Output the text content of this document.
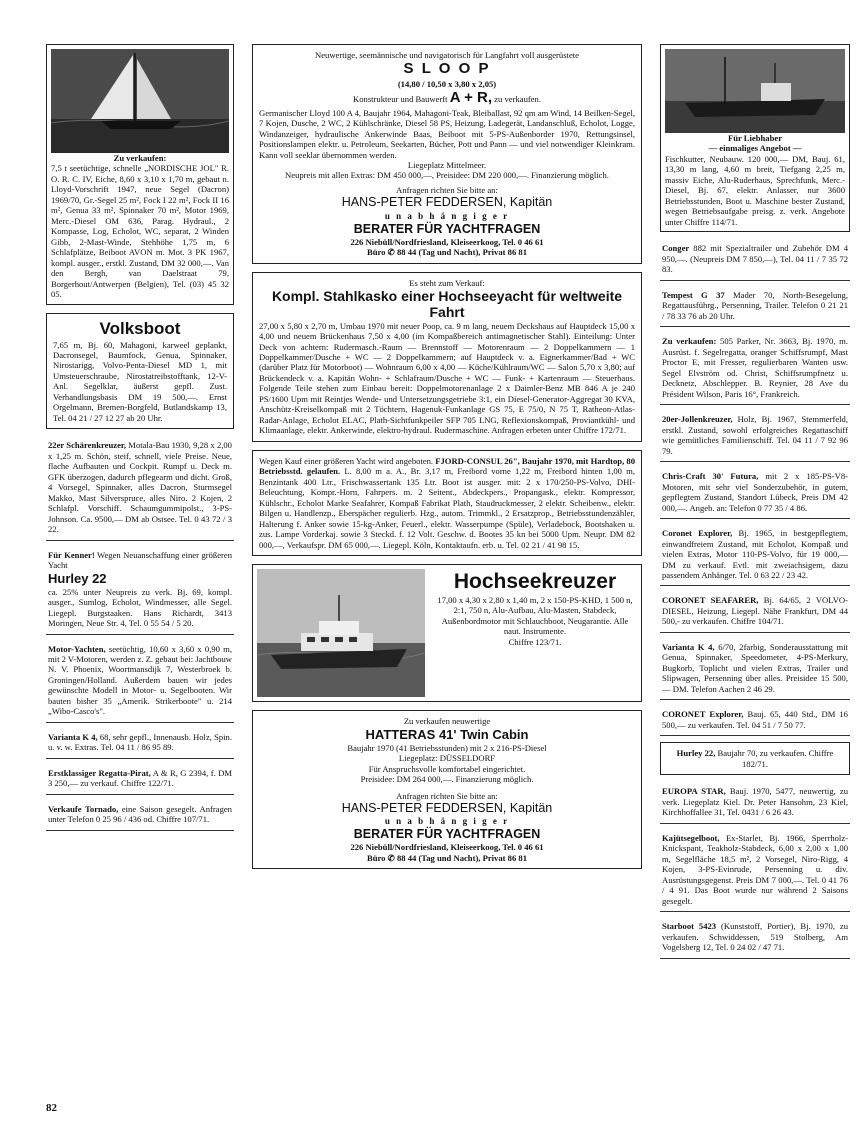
Zu verkaufen:

7,5 t seetüchtige, schnelle „NORDISCHE JOL" R. O. R. C. IV, Eiche, 8,60 x 3,10 x 1,70 m, gebaut n. Lloyd-Vorschrift 1947, neue Segel (Dacron) 1969/70, Gr.-Segel 25 m², Fock I 22 m², Fock II 16 m², Genua 33 m², Spinnaker 70 m², Motor 1969, Merc.-Diesel OM 636, Parag. Hydraul., 2 Kompasse, Log, Echolot, WC, separat, 2 Winden Gibb, 2-Mast-Winde, Stehhöhe 1,75 m, 6 Schlafplätze, Beiboot AVON m. Mot. 3 PK 1967, kompl. ausger., erstkl. Zustand, DM 32 000,—. Van den Bergh, van Daelstraat 79, Borgerhout/Antwerpen (Belgien), Tel. (03) 45 32 05.

Volksboot

7,65 m, Bj. 60, Mahagoni, karweel geplankt, Dacronsegel, Baumfock, Genua, Spinnaker, Nirostarigg, Volvo-Penta-Diesel MD 1, mit Umsteuerschraube, Nirostatreibstofftank, 12-V-Anl. Segelklar, äußerst gepfl. Zust. Verhandlungsbasis DM 19 500,—. Ernst Orgelmann, Bremen-Borgfeld, Butlandskamp 13, Tel. 04 21 / 27 12 27 ab 20 Uhr.

22er Schärenkreuzer, Motala-Bau 1930, 9,28 x 2,00 x 1,25 m. Schön, steif, schnell, viele Preise. Neue, flache Aufbauten und Cockpit. Rumpf u. Deck m. GFK überzogen, dadurch pflegearm und dicht. Groß, 4 Vorsegel, Spinnaker, alles Dacron, Sturmsegel Makko, Mast Silverspruce, alles Niro. 2 Kojen, 2 Schlafpl. Vorschiff. Schaumgummipolst., 3-PS-Johnson. Ca. 9500,— DM ab Ostsee. Tel. 0 43 72 / 3 22.

Für Kenner! Wegen Neuanschaffung einer größeren Yacht

Hurley 22

ca. 25% unter Neupreis zu verk. Bj. 69, kompl. ausger., Sumlog, Echolot, Windmesser, alle Segel. Liegepl. Burgstaaken. Hans Richardt, 3413 Moringen, Neue Str. 4, Tel. 0 55 54 / 5 20.

Motor-Yachten, seetüchtig, 10,60 x 3,60 x 0,90 m, mit 2 V-Motoren, werden z. Z. gebaut bei: Jachtbouw N. V. Phoenix, Woortmansdijk 7, Westerbroek b. Groningen/Holland. Außerdem bauen wir jedes gewünschte Modell in Motor- u. Segelbooten. Wir bauten bisher 35 „Amerik. Strikerboote" u. 214 „Wibo-Casco's".

Varianta K 4, 68, sehr gepfl., Innenausb. Holz, Spin. u. v. w. Extras. Tel. 04 11 / 86 95 89.

Erstklassiger Regatta-Pirat, A & R, G 2394, f. DM 3 250,— zu verkauf. Chiffre 122/71.

Verkaufe Tornado, eine Saison gesegelt. Anfragen unter Telefon 0 25 96 / 436 od. Chiffre 107/71.

Neuwertige, seemännische und navigatorisch für Langfahrt voll ausgerüstete

S L O O P

(14,80 / 10,50 x 3,80 x 2,05)

Konstrukteur und Bauwerft A + R, zu verkaufen.

Germanischer Lloyd 100 A 4, Baujahr 1964, Mahagoni-Teak, Bleiballast, 92 qm am Wind, 14 Beilken-Segel, 7 Kojen, Dusche, 2 WC, 2 Kühlschränke, Diesel 58 PS, Heizung, Ladegerät, Landanschluß, Echolot, Logge, Windanzeiger, hydraulische Ankerwinde Baas, Beiboot mit 5-PS-Außenborder 1970, Rettungsinsel, Positionslampen elektr. u. Petroleum, Seekarten, Bücher, Pott und Pann — und viel notwendiger Kleinkram. Kann voll seeklar übernommen werden.

Liegeplatz Mittelmeer.

Neupreis mit allen Extras: DM 450 000,—, Preisidee: DM 220 000,—. Finanzierung möglich.

Anfragen richten Sie bitte an:

HANS-PETER FEDDERSEN, Kapitän

u n a b h ä n g i g e r

BERATER FÜR YACHTFRAGEN

226 Niebüll/Nordfriesland, Kleiseerkoog, Tel. 0 46 61

Büro ✆ 88 44 (Tag und Nacht), Privat 86 81

Es steht zum Verkauf:

Kompl. Stahlkasko einer Hochseeyacht für weltweite Fahrt

27,00 x 5,80 x 2,70 m, Umbau 1970 mit neuer Poop, ca. 9 m lang, neuem Deckshaus auf Hauptdeck 15,00 x 4,00 und neuem Brückenhaus 7,50 x 4,00 (im Kompaßbereich antimagnetischer Stahl). Einteilung: Unter Deck von achtern: Rudermasch.-Raum — Brennstoff — Motorenraum — 2 Doppelkammern — 1 Doppelkammer/Dusche + WC — 2 Doppelkammern; auf Hauptdeck v. a. Eignerkammer/Bad + WC (darüber Platz für Motorboot) — Wohnraum 6,00 x 4,00 — Küche/Kühlraum/WC — Salon 5,70 x 3,80; auf Brückendeck v. a. Kapitän Wohn- + Schlafraum/Dusche + WC — Funk- + Kartenraum — Steuerhaus. Folgende Teile stehen zum Einbau bereit: Doppelmotorenanlage 2 x Daimler-Benz MB 846 A je 240 PS/1600 Upm mit Reintjes Wende- und Untersetzungsgetriebe 3:1, ein Diesel-Generator-Aggregat 30 KVA, Anschütz-Kreiselkompaß mit 2 Töchtern, Hagenuk-Funkanlage GS 75, E 75/0, N 75 T, Ratheon-Atlas-Radar-Anlage, Echolot ELAC, Plath-Sichtfunkpeiler SFP 705 LNG, Reflexionskompaß, Proviantkühl- und Klimaanlage, elektr. Ankerwinde, elektro-hydraul. Rudermaschine. Anfragen erbeten unter Chiffre 172/71.

Wegen Kauf einer größeren Yacht wird angeboten. FJORD-CONSUL 26", Baujahr 1970, mit Hardtop, 80 Betriebsstd. gelaufen. L. 8,00 m a. A., Br. 3,17 m, Freibord vorne 1,22 m, Freibord hinten 1,00 m, Benzintank 400 Ltr., Frischwassertank 135 Ltr. Boot ist ausger. mit: 2 x 170/250-PS-Volvo, DHI-Beleuchtung, Kompr.-Horn, Fahrpers. m. 2 Seitent., Abdeckpers., Propangask., elektr. Kompressor, Kühlschr., Echolot Marke Seafahrer, Kompaß Fabrikat Plath, Staudruckmesser, 2 elektr. Scheibenw., elektr. Bilgen u. Handlenzp., Eberspächer regulierb. Hzg., autom. Trimmkl., 2 Ersatzprop., Betriebsstundenzähler, Halterung f. Anker sowie 15-kg-Anker, Feuerl., elektr. Wasserpumpe (Spüle), Verladebock, Bootshaken u. zus. Lampe Vorderkaj. sowie 3 Steckd. f. 12 Volt. Geschw. d. Bootes 35 kn bei 5000 Upm. Neupr. DM 82 000,—, Verkaufspr. DM 65 000,—. Liegepl. Köln, Kontaktaufn. erb. u. Tel. 02 21 / 41 98 15.

Hochseekreuzer

17,00 x 4,30 x 2,80 x 1,40 m, 2 x 150-PS-KHD, 1 500 n, 2:1, 750 n, Alu-Aufbau, Alu-Masten, Stabdeck, Außenbordmotor mit Schlauchboot, Neugarantie. Alle naut. Instrumente.

Chiffre 123/71.

Zu verkaufen neuwertige

HATTERAS 41' Twin Cabin

Baujahr 1970 (41 Betriebsstunden) mit 2 x 216-PS-Diesel

Liegeplatz: DÜSSELDORF

Für Anspruchsvolle komfortabel eingerichtet.

Preisidee: DM 264 000,—. Finanzierung möglich.

Anfragen richten Sie bitte an:

HANS-PETER FEDDERSEN, Kapitän

u n a b h ä n g i g e r

BERATER FÜR YACHTFRAGEN

226 Niebüll/Nordfriesland, Kleiseerkoog, Tel. 0 46 61

Büro ✆ 88 44 (Tag und Nacht), Privat 86 81

Für Liebhaber

— einmaliges Angebot —

Fischkutter, Neubauw. 120 000,— DM, Bauj. 61, 13,30 m lang, 4,60 m breit, Tiefgang 2,25 m, massiv Eiche, Alu-Ruderhaus, Sprechfunk, Merc.-Diesel, Bj. 67, elektr. Anlasser, nur 3600 Betriebsstunden, Boot u. Maschine bester Zustand, wegen Betriebsaufgabe preisg. z. verk. Angebote unter Chiffre 114/71.

Conger 882 mit Spezialtrailer und Zubehör DM 4 950,—. (Neupreis DM 7 850,—), Tel. 04 11 / 7 35 72 83.

Tempest G 37 Mader 70, North-Besegelung, Regattausführg., Persenning, Trailer. Telefon 0 21 21 / 78 33 76 ab 20 Uhr.

Zu verkaufen: 505 Parker, Nr. 3663, Bj. 1970, m. Ausrüst. f. Segelregatta, oranger Schiffsrumpf, Mast Proctor E, mit Fresser, regulierbaren Wanten usw. Segel Elvström od. Christ, Schiffsrumpfnetz u. Decknetz, Abschlepper. B. Reynier, 28 Ave du Président Wilson, Paris 16°, Frankreich.

20er-Jollenkreuzer, Holz, Bj. 1967, Stemmerfeld, erstkl. Zustand, sowohl erfolgreiches Regattaschiff wie gemütliches Familienschiff. Tel. 04 11 / 7 92 96 79.

Chris-Craft 30' Futura, mit 2 x 185-PS-V8-Motoren, mit sehr viel Sonderzubehör, in gutem, gepflegtem Zustand, Standort Lübeck, Preis DM 42 000,—. Angeb. an: Telefon 0 77 35 / 4 86.

Coronet Explorer, Bj. 1965, in bestgepflegtem, einwandfreiem Zustand, mit Echolot, Kompaß und vielen Extras, Motor 110-PS-Volvo, für 19 000,— DM zu verkauf. Evtl. mit zweiachsigem, dazu passendem Anhänger. Tel. 0 63 22 / 23 42.

CORONET SEAFARER, Bj. 64/65, 2 VOLVO-DIESEL, Heizung, Liegepl. Nähe Frankfurt, DM 44 500,- zu verkaufen. Chiffre 104/71.

Varianta K 4, 6/70, 2farbig, Sonderausstattung mit Genua, Spinnaker, Speedometer, 4-PS-Merkury, Bugkorb, Toplicht und vielen Extras, Trailer und Slipwagen, Persenning über alles. Preisidee 15 500,— DM. Telefon Aachen 2 46 29.

CORONET Explorer, Bauj. 65, 440 Std., DM 16 500,— zu verkaufen. Tel. 04 51 / 7 50 77.

Hurley 22, Baujahr 70, zu verkaufen. Chiffre 182/71.

EUROPA STAR, Bauj. 1970, 5477, neuwertig, zu verk. Liegeplatz Kiel. Dr. Peter Hansohm, 23 Kiel, Kirchhoffallee 31, Tel. 0431 / 6 26 43.

Kajütsegelboot, Ex-Starlet, Bj. 1966, Sperrholz-Knickspant, Teakholz-Stabdeck, 6,00 x 2,00 x 1,00 m, Segelfläche 18,5 m², 2 Vorsegel, Niro-Rigg, 4 Kojen, 3-PS-Evinrude, Persenning u. div. Ausrüstungsgegenst. Preis DM 7 000,—. Tel. 0 41 76 / 4 91. Das Boot wurde nur während 2 Saisons gesegelt.

Starboot 5423 (Kunststoff, Portier), Bj. 1970, zu verkaufen. Schwiddessen, 519 Stolberg, Am Vogelsberg 12, Tel. 0 24 02 / 47 71.

82
